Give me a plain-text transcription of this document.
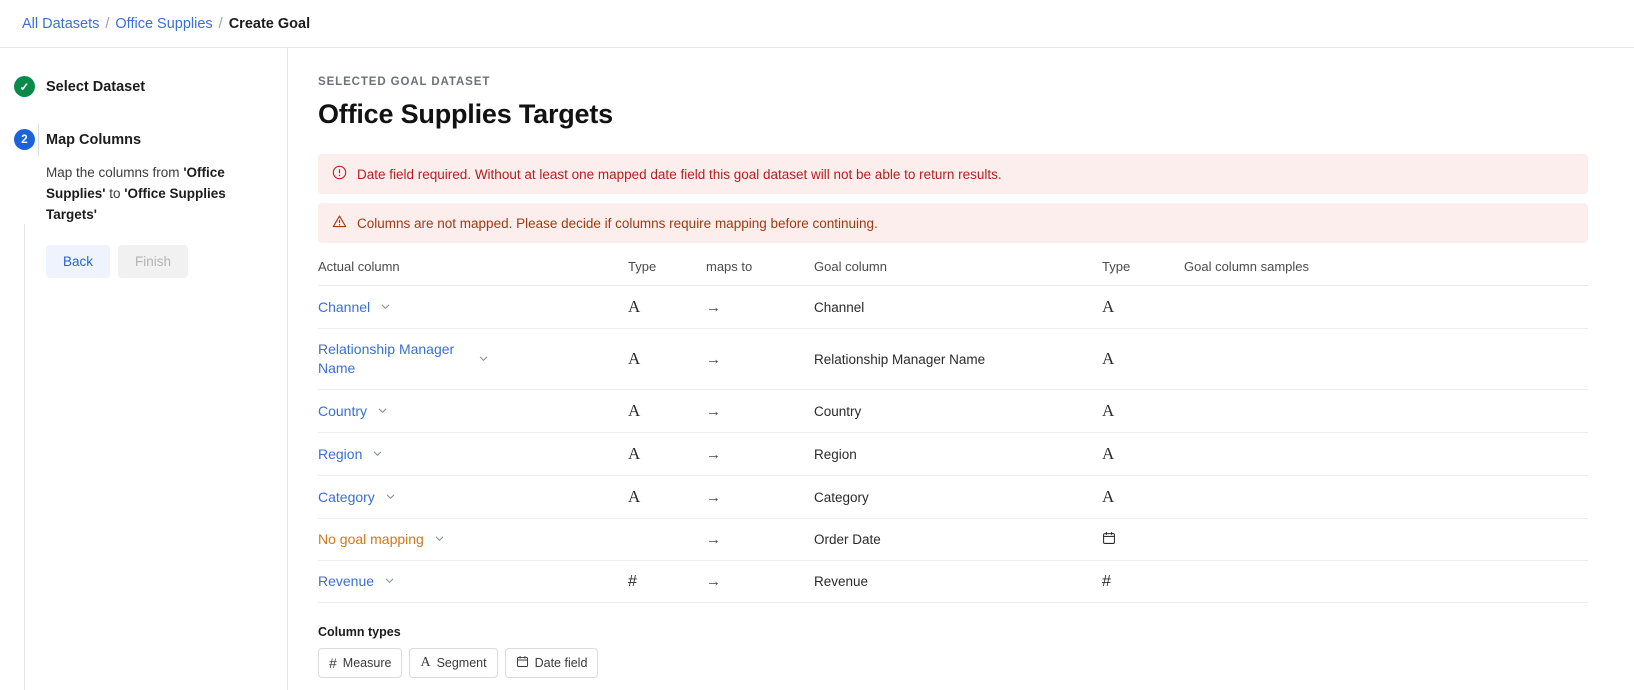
All Datasets / Office Supplies / Create Goal
✓	Select Dataset
2	Map Columns
Map the columns from 'Office Supplies' to 'Office Supplies Targets'
Back	Finish
SELECTED GOAL DATASET
Office Supplies Targets
Date field required. Without at least one mapped date field this goal dataset will not be able to return results.
Columns are not mapped. Please decide if columns require mapping before continuing.
Actual column	Type	maps to	Goal column	Type	Goal column samples

Channel	A	→	Channel	A	

Relationship Manager Name	A	→	Relationship Manager Name	A	

Country	A	→	Country	A	

Region	A	→	Region	A	

Category	A	→	Category	A	

No goal mapping		→	Order Date		

Revenue	#	→	Revenue	#	
Column types
# Measure A Segment	Date field
